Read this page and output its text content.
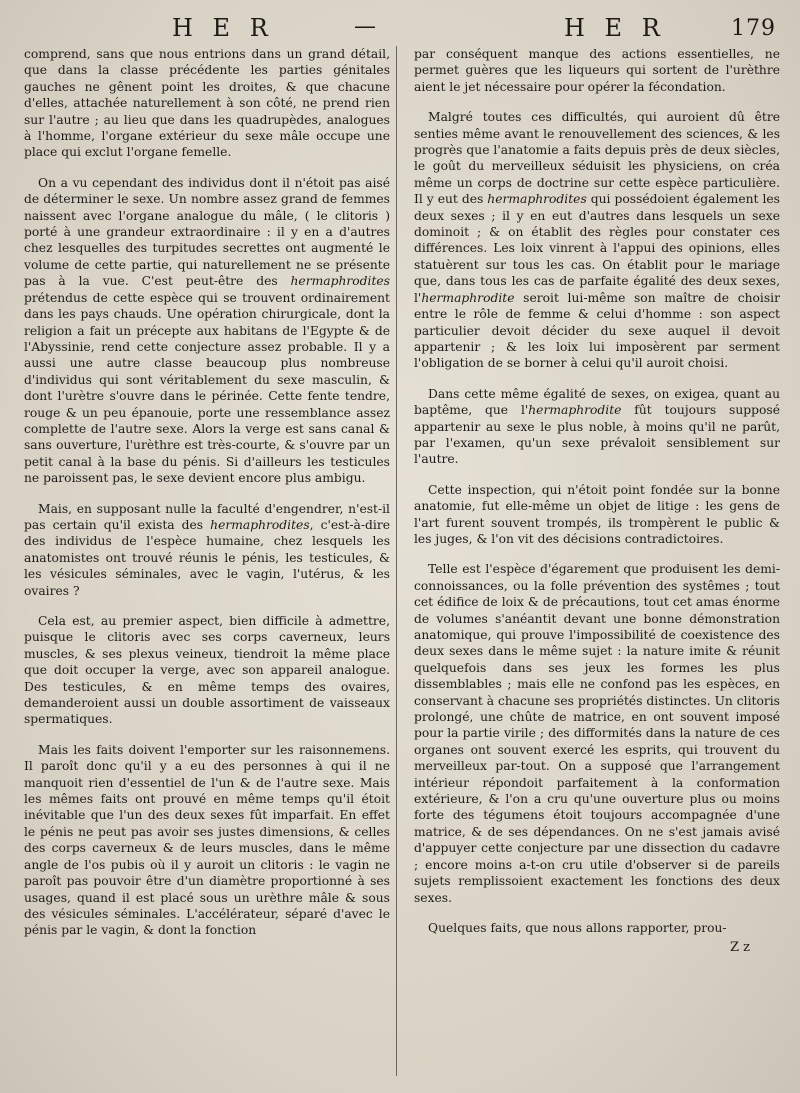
H E R	—	H E R	179

comprend, sans que nous entrions dans un grand détail, que dans la classe précédente les parties génitales gauches ne gênent point les droites, & que chacune d'elles, attachée naturellement à son côté, ne prend rien sur l'autre ; au lieu que dans les quadrupèdes, analogues à l'homme, l'organe extérieur du sexe mâle occupe une place qui exclut l'organe femelle.

On a vu cependant des individus dont il n'étoit pas aisé de déterminer le sexe. Un nombre assez grand de femmes naissent avec l'organe analogue du mâle, ( le clitoris ) porté à une grandeur extraordinaire : il y en a d'autres chez lesquelles des turpitudes secrettes ont augmenté le volume de cette partie, qui naturellement ne se présente pas à la vue. C'est peut-être des hermaphrodites prétendus de cette espèce qui se trouvent ordinairement dans les pays chauds. Une opération chirurgicale, dont la religion a fait un précepte aux habitans de l'Egypte & de l'Abyssinie, rend cette conjecture assez probable. Il y a aussi une autre classe beaucoup plus nombreuse d'individus qui sont véritablement du sexe masculin, & dont l'urètre s'ouvre dans le périnée. Cette fente tendre, rouge & un peu épanouie, porte une ressemblance assez complette de l'autre sexe. Alors la verge est sans canal & sans ouverture, l'urèthre est très-courte, & s'ouvre par un petit canal à la base du pénis. Si d'ailleurs les testicules ne paroissent pas, le sexe devient encore plus ambigu.

Mais, en supposant nulle la faculté d'engendrer, n'est-il pas certain qu'il exista des hermaphrodites, c'est-à-dire des individus de l'espèce humaine, chez lesquels les anatomistes ont trouvé réunis le pénis, les testicules, & les vésicules séminales, avec le vagin, l'utérus, & les ovaires ?

Cela est, au premier aspect, bien difficile à admettre, puisque le clitoris avec ses corps caverneux, leurs muscles, & ses plexus veineux, tiendroit la même place que doit occuper la verge, avec son appareil analogue. Des testicules, & en même temps des ovaires, demanderoient aussi un double assortiment de vaisseaux spermatiques.

Mais les faits doivent l'emporter sur les raisonnemens. Il paroît donc qu'il y a eu des personnes à qui il ne manquoit rien d'essentiel de l'un & de l'autre sexe. Mais les mêmes faits ont prouvé en même temps qu'il étoit inévitable que l'un des deux sexes fût imparfait. En effet le pénis ne peut pas avoir ses justes dimensions, & celles des corps caverneux & de leurs muscles, dans le même angle de l'os pubis où il y auroit un clitoris : le vagin ne paroît pas pouvoir être d'un diamètre proportionné à ses usages, quand il est placé sous un urèthre mâle & sous des vésicules séminales. L'accélérateur, séparé d'avec le pénis par le vagin, & dont la fonction

par conséquent manque des actions essentielles, ne permet guères que les liqueurs qui sortent de l'urèthre aient le jet nécessaire pour opérer la fécondation.

Malgré toutes ces difficultés, qui auroient dû être senties même avant le renouvellement des sciences, & les progrès que l'anatomie a faits depuis près de deux siècles, le goût du merveilleux séduisit les physiciens, on créa même un corps de doctrine sur cette espèce particulière. Il y eut des hermaphrodites qui possédoient également les deux sexes ; il y en eut d'autres dans lesquels un sexe dominoit ; & on établit des règles pour constater ces différences. Les loix vinrent à l'appui des opinions, elles statuèrent sur tous les cas. On établit pour le mariage que, dans tous les cas de parfaite égalité des deux sexes, l'hermaphrodite seroit lui-même son maître de choisir entre le rôle de femme & celui d'homme : son aspect particulier devoit décider du sexe auquel il devoit appartenir ; & les loix lui imposèrent par serment l'obligation de se borner à celui qu'il auroit choisi.

Dans cette même égalité de sexes, on exigea, quant au baptême, que l'hermaphrodite fût toujours supposé appartenir au sexe le plus noble, à moins qu'il ne parût, par l'examen, qu'un sexe prévaloit sensiblement sur l'autre.

Cette inspection, qui n'étoit point fondée sur la bonne anatomie, fut elle-même un objet de litige : les gens de l'art furent souvent trompés, ils trompèrent le public & les juges, & l'on vit des décisions contradictoires.

Telle est l'espèce d'égarement que produisent les demi-connoissances, ou la folle prévention des systêmes ; tout cet édifice de loix & de précautions, tout cet amas énorme de volumes s'anéantit devant une bonne démonstration anatomique, qui prouve l'impossibilité de coexistence des deux sexes dans le même sujet : la nature imite & réunit quelquefois dans ses jeux les formes les plus dissemblables ; mais elle ne confond pas les espèces, en conservant à chacune ses propriétés distinctes. Un clitoris prolongé, une chûte de matrice, en ont souvent imposé pour la partie virile ; des difformités dans la nature de ces organes ont souvent exercé les esprits, qui trouvent du merveilleux par-tout. On a supposé que l'arrangement intérieur répondoit parfaitement à la conformation extérieure, & l'on a cru qu'une ouverture plus ou moins forte des tégumens étoit toujours accompagnée d'une matrice, & de ses dépendances. On ne s'est jamais avisé d'appuyer cette conjecture par une dissection du cadavre ; encore moins a-t-on cru utile d'observer si de pareils sujets remplissoient exactement les fonctions des deux sexes.

Quelques faits, que nous allons rapporter, prou-

Z z
